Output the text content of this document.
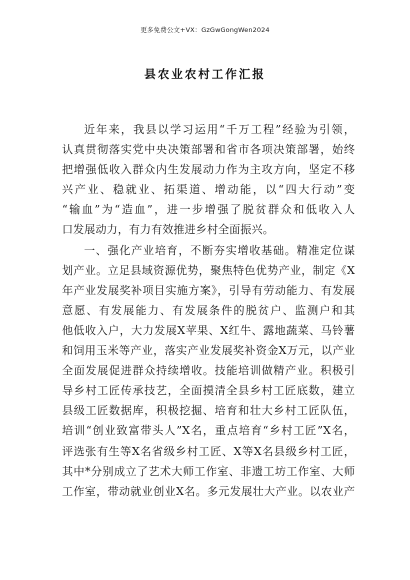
更多免费公文+VX：GzGwGongWen2024
县农业农村工作汇报
近年来，我县以学习运用“千万工程”经验为引领，
认真贯彻落实党中央决策部署和省市各项决策部署，始终
把增强低收入群众内生发展动力作为主攻方向，坚定不移
兴产业、稳就业、拓渠道、增动能，以“四大行动”变
“输血”为“造血”，进一步增强了脱贫群众和低收入人
口发展动力，有力有效推进乡村全面振兴。
一、强化产业培育，不断夯实增收基础。精准定位谋
划产业。立足县域资源优势，聚焦特色优势产业，制定《X
年产业发展奖补项目实施方案》，引导有劳动能力、有发展
意愿、有发展能力、有发展条件的脱贫户、监测户和其
他低收入户，大力发展X苹果、X红牛、露地蔬菜、马铃薯
和饲用玉米等产业，落实产业发展奖补资金X万元，以产业
全面发展促进群众持续增收。技能培训做精产业。积极引
导乡村工匠传承技艺，全面摸清全县乡村工匠底数，建立
县级工匠数据库，积极挖掘、培育和壮大乡村工匠队伍，
培训“创业致富带头人”X名，重点培育“乡村工匠”X名，
评选张有生等X名省级乡村工匠、X等X名县级乡村工匠，
其中*分别成立了艺术大师工作室、非遗工坊工作室、大师
工作室，带动就业创业X名。多元发展壮大产业。以农业产
